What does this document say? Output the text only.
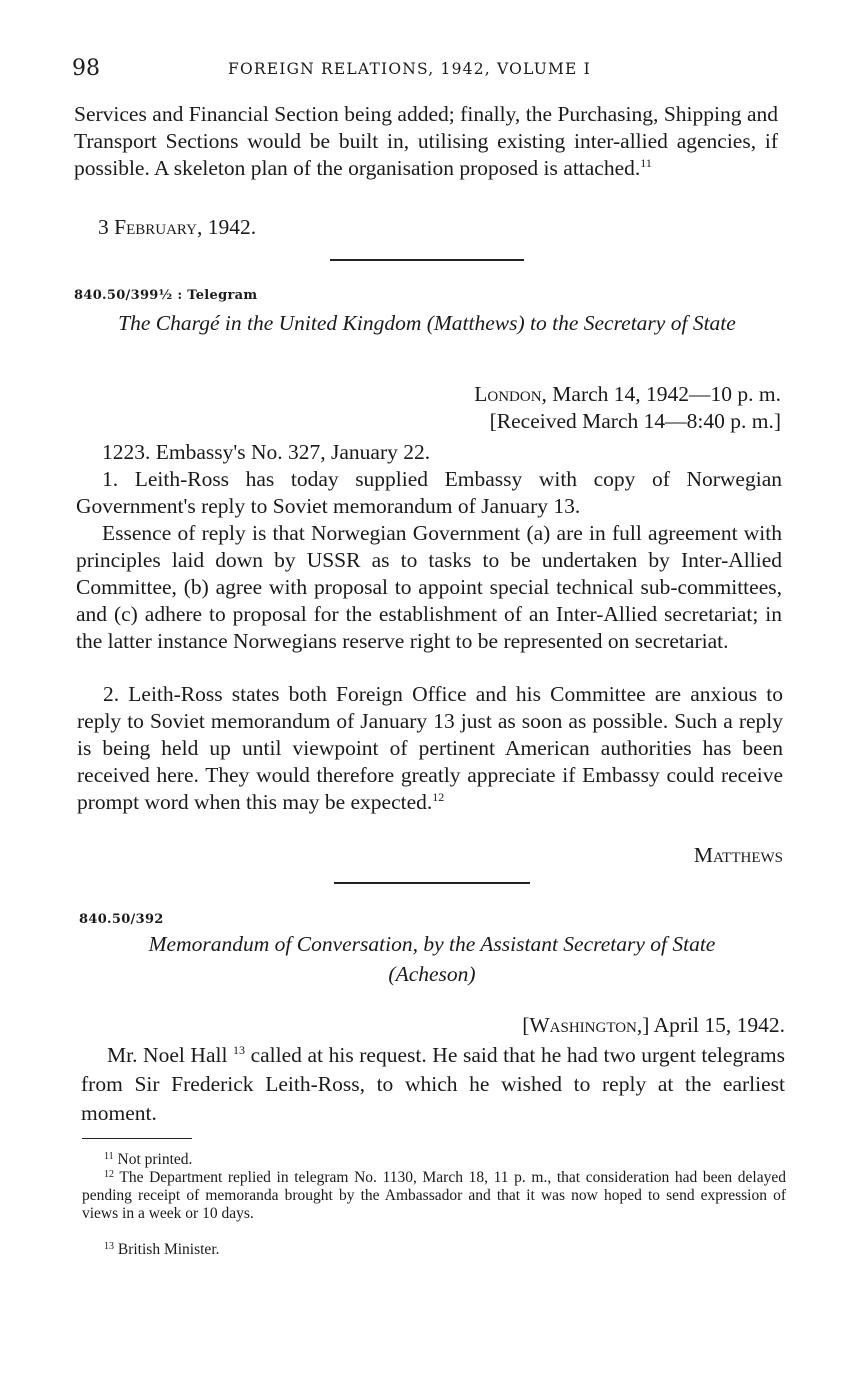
98	FOREIGN RELATIONS, 1942, VOLUME I
Services and Financial Section being added; finally, the Purchasing, Shipping and Transport Sections would be built in, utilising existing inter-allied agencies, if possible. A skeleton plan of the organisation proposed is attached.$^{11}$
3 February, 1942.
840.50/399½ : Telegram
The Chargé in the United Kingdom (Matthews) to the Secretary of State
London, March 14, 1942—10 p. m.
[Received March 14—8:40 p. m.]
1223. Embassy's No. 327, January 22.
1. Leith-Ross has today supplied Embassy with copy of Norwegian Government's reply to Soviet memorandum of January 13.
Essence of reply is that Norwegian Government (a) are in full agreement with principles laid down by USSR as to tasks to be undertaken by Inter-Allied Committee, (b) agree with proposal to appoint special technical sub-committees, and (c) adhere to proposal for the establishment of an Inter-Allied secretariat; in the latter instance Norwegians reserve right to be represented on secretariat.
2. Leith-Ross states both Foreign Office and his Committee are anxious to reply to Soviet memorandum of January 13 just as soon as possible. Such a reply is being held up until viewpoint of pertinent American authorities has been received here. They would therefore greatly appreciate if Embassy could receive prompt word when this may be expected.$^{12}$
Matthews
840.50/392
Memorandum of Conversation, by the Assistant Secretary of State
(Acheson)
[Washington,] April 15, 1942.
Mr. Noel Hall $^{13}$ called at his request. He said that he had two urgent telegrams from Sir Frederick Leith-Ross, to which he wished to reply at the earliest moment.
$^{11}$ Not printed.
$^{12}$ The Department replied in telegram No. 1130, March 18, 11 p. m., that consideration had been delayed pending receipt of memoranda brought by the Ambassador and that it was now hoped to send expression of views in a week or 10 days.
$^{13}$ British Minister.
